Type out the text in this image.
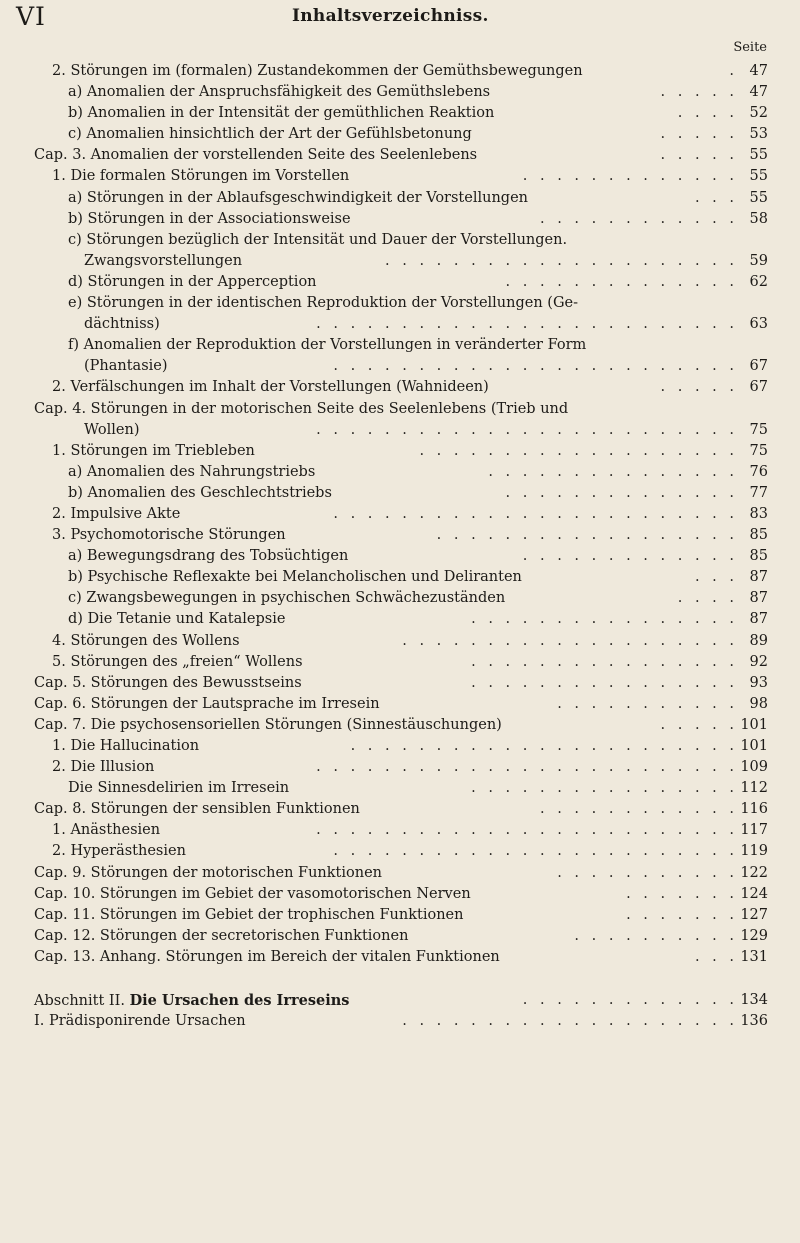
VI	Inhaltsverzeichniss.
Seite
2. Störungen im (formalen) Zustandekommen der Gemüthsbewegungen	. 47
a) Anomalien der Anspruchsfähigkeit des Gemüthslebens	. . . . . 47
b) Anomalien in der Intensität der gemüthlichen Reaktion	. . . . 52
c) Anomalien hinsichtlich der Art der Gefühlsbetonung	. . . . . 53
Cap. 3. Anomalien der vorstellenden Seite des Seelenlebens	. . . . . 55
1. Die formalen Störungen im Vorstellen	. . . . . . . . . . . . . 55
a) Störungen in der Ablaufsgeschwindigkeit der Vorstellungen	. . . 55
b) Störungen in der Associationsweise	. . . . . . . . . . . . 58
c) Störungen bezüglich der Intensität und Dauer der Vorstellungen.
Zwangsvorstellungen	. . . . . . . . . . . . . . . . . . . . . 59
d) Störungen in der Apperception	. . . . . . . . . . . . . . 62
e) Störungen in der identischen Reproduktion der Vorstellungen (Ge-
dächtniss)	. . . . . . . . . . . . . . . . . . . . . . . . . 63
f) Anomalien der Reproduktion der Vorstellungen in veränderter Form
(Phantasie)	. . . . . . . . . . . . . . . . . . . . . . . . 67
2. Verfälschungen im Inhalt der Vorstellungen (Wahnideen)	. . . . . 67
Cap. 4. Störungen in der motorischen Seite des Seelenlebens (Trieb und
Wollen)	. . . . . . . . . . . . . . . . . . . . . . . . . 75
1. Störungen im Triebleben	. . . . . . . . . . . . . . . . . . . 75
a) Anomalien des Nahrungstriebs	. . . . . . . . . . . . . . . 76
b) Anomalien des Geschlechtstriebs	. . . . . . . . . . . . . . 77
2. Impulsive Akte	. . . . . . . . . . . . . . . . . . . . . . . . 83
3. Psychomotorische Störungen	. . . . . . . . . . . . . . . . . . 85
a) Bewegungsdrang des Tobsüchtigen	. . . . . . . . . . . . . 85
b) Psychische Reflexakte bei Melancholischen und Deliranten	. . . 87
c) Zwangsbewegungen in psychischen Schwächezuständen	. . . . 87
d) Die Tetanie und Katalepsie	. . . . . . . . . . . . . . . . 87
4. Störungen des Wollens	. . . . . . . . . . . . . . . . . . . . 89
5. Störungen des „freien“ Wollens	. . . . . . . . . . . . . . . . 92
Cap. 5. Störungen des Bewusstseins	. . . . . . . . . . . . . . . . 93
Cap. 6. Störungen der Lautsprache im Irresein	. . . . . . . . . . . 98
Cap. 7. Die psychosensoriellen Störungen (Sinnestäuschungen)	. . . . . 101
1. Die Hallucination	. . . . . . . . . . . . . . . . . . . . . . . 101
2. Die Illusion	. . . . . . . . . . . . . . . . . . . . . . . . . 109
Die Sinnesdelirien im Irresein	. . . . . . . . . . . . . . . . 112
Cap. 8. Störungen der sensiblen Funktionen	. . . . . . . . . . . . 116
1. Anästhesien	. . . . . . . . . . . . . . . . . . . . . . . . . 117
2. Hyperästhesien	. . . . . . . . . . . . . . . . . . . . . . . . 119
Cap. 9. Störungen der motorischen Funktionen	. . . . . . . . . . . 122
Cap. 10. Störungen im Gebiet der vasomotorischen Nerven	. . . . . . . 124
Cap. 11. Störungen im Gebiet der trophischen Funktionen	. . . . . . . 127
Cap. 12. Störungen der secretorischen Funktionen	. . . . . . . . . . 129
Cap. 13. Anhang. Störungen im Bereich der vitalen Funktionen	. . . 131
Abschnitt II. Die Ursachen des Irreseins	. . . . . . . . . . . . . 134
I. Prädisponirende Ursachen	. . . . . . . . . . . . . . . . . . . . 136
